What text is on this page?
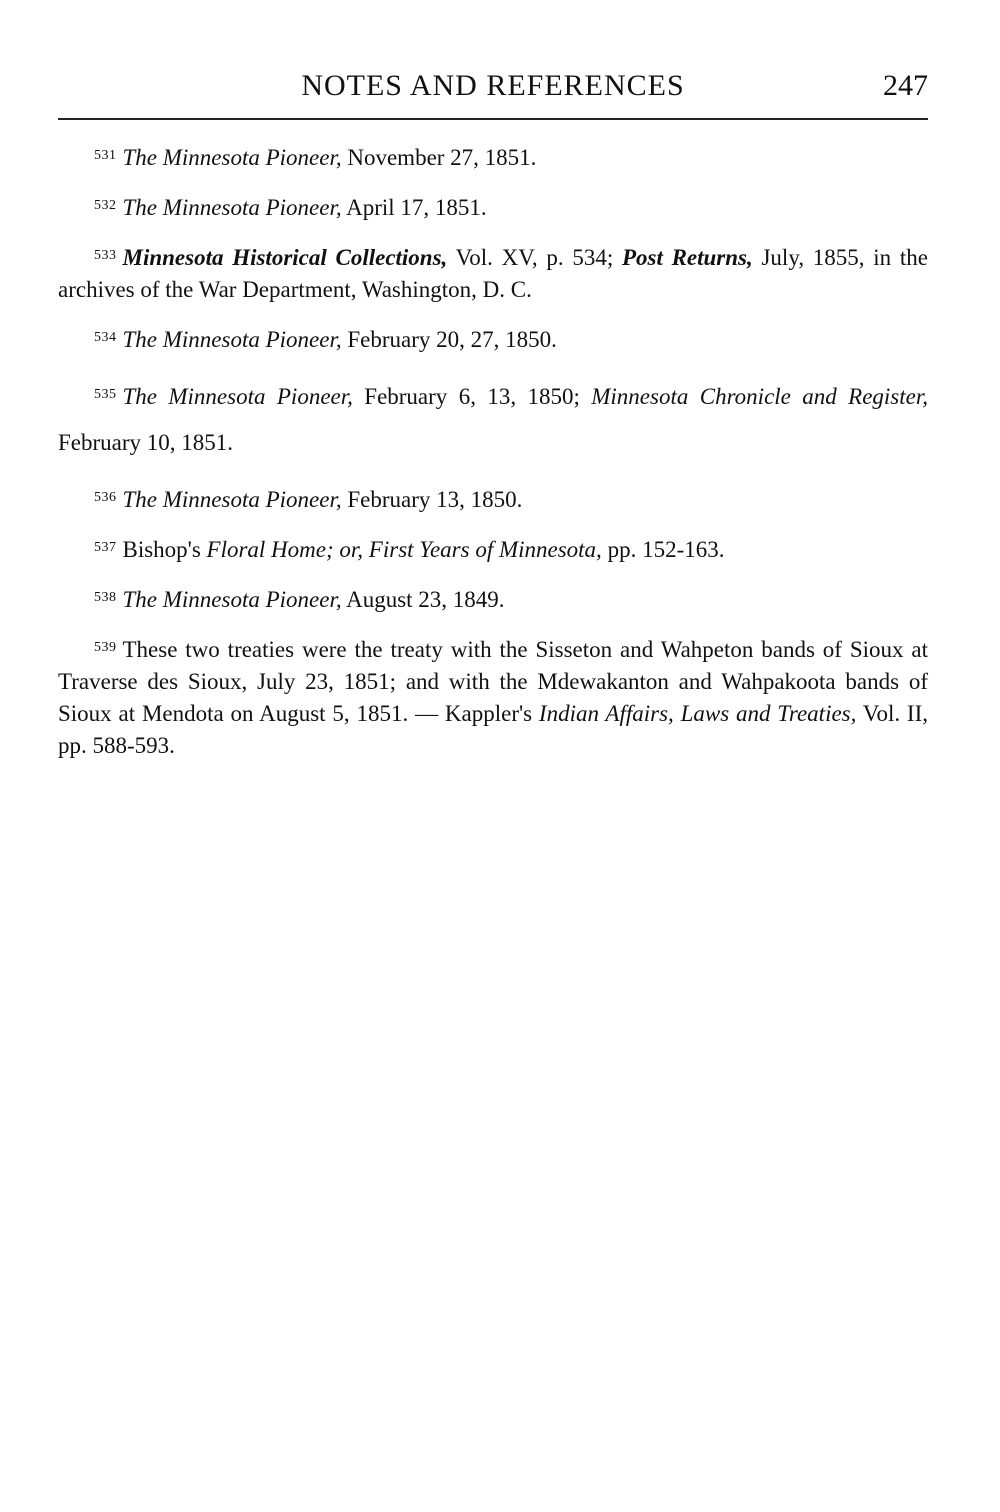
NOTES AND REFERENCES	247

$^{531}$ The Minnesota Pioneer, November 27, 1851.

$^{532}$ The Minnesota Pioneer, April 17, 1851.

$^{533}$ Minnesota Historical Collections, Vol. XV, p. 534; Post Returns, July, 1855, in the archives of the War Department, Washington, D. C.

$^{534}$ The Minnesota Pioneer, February 20, 27, 1850.

$^{535}$ The Minnesota Pioneer, February 6, 13, 1850; Minnesota Chronicle and Register, February 10, 1851.

$^{536}$ The Minnesota Pioneer, February 13, 1850.

$^{537}$ Bishop's Floral Home; or, First Years of Minnesota, pp. 152-163.

$^{538}$ The Minnesota Pioneer, August 23, 1849.

$^{539}$ These two treaties were the treaty with the Sisseton and Wahpeton bands of Sioux at Traverse des Sioux, July 23, 1851; and with the Mdewakanton and Wahpakoota bands of Sioux at Mendota on August 5, 1851. — Kappler's Indian Affairs, Laws and Treaties, Vol. II, pp. 588-593.
